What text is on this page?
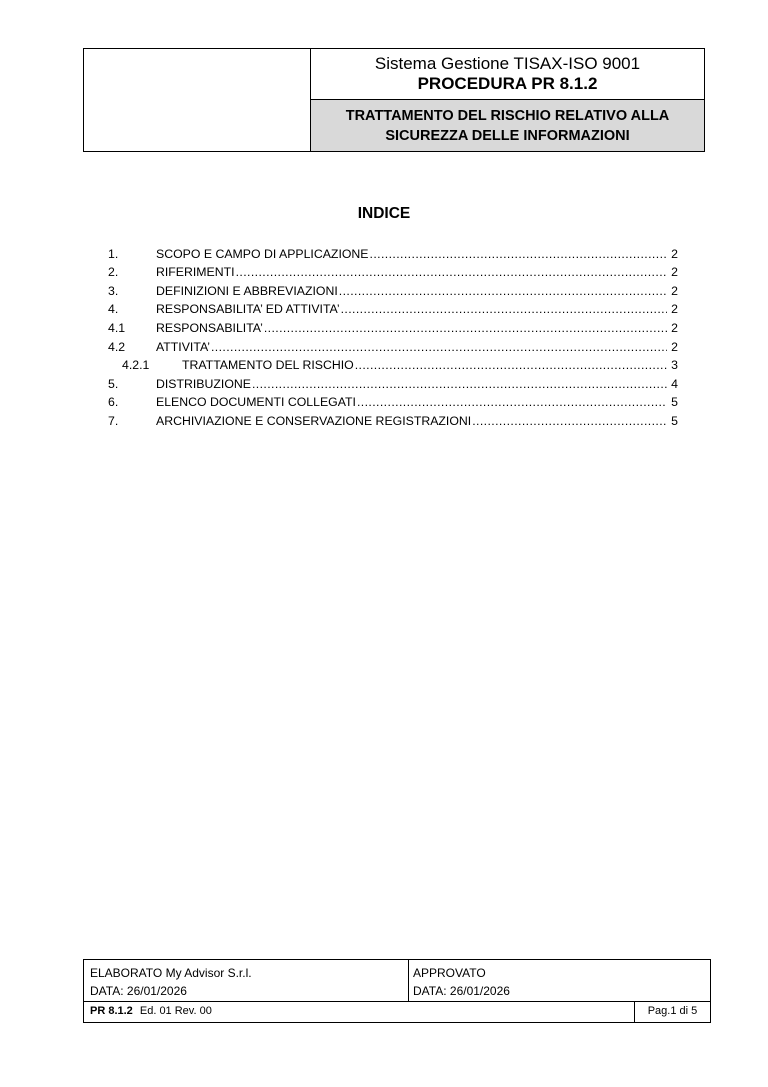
Sistema Gestione TISAX-ISO 9001
PROCEDURA PR 8.1.2
TRATTAMENTO DEL RISCHIO RELATIVO ALLA
SICUREZZA DELLE INFORMAZIONI
INDICE
1.	SCOPO E CAMPO DI APPLICAZIONE .....	2
2.	RIFERIMENTI .....	2
3.	DEFINIZIONI E ABBREVIAZIONI .....	2
4.	RESPONSABILITA’ ED ATTIVITA’ .....	2
4.1	RESPONSABILITA’ .....	2
4.2	ATTIVITA’ .....	2
4.2.1	TRATTAMENTO DEL RISCHIO .....	3
5.	DISTRIBUZIONE .....	4
6.	ELENCO DOCUMENTI COLLEGATI .....	5
7.	ARCHIVIAZIONE E CONSERVAZIONE REGISTRAZIONI .....	5
ELABORATO My Advisor S.r.l.
DATA: 26/01/2026
APPROVATO
DATA: 26/01/2026
PR 8.1.2 Ed. 01 Rev. 00	Pag.1 di 5
